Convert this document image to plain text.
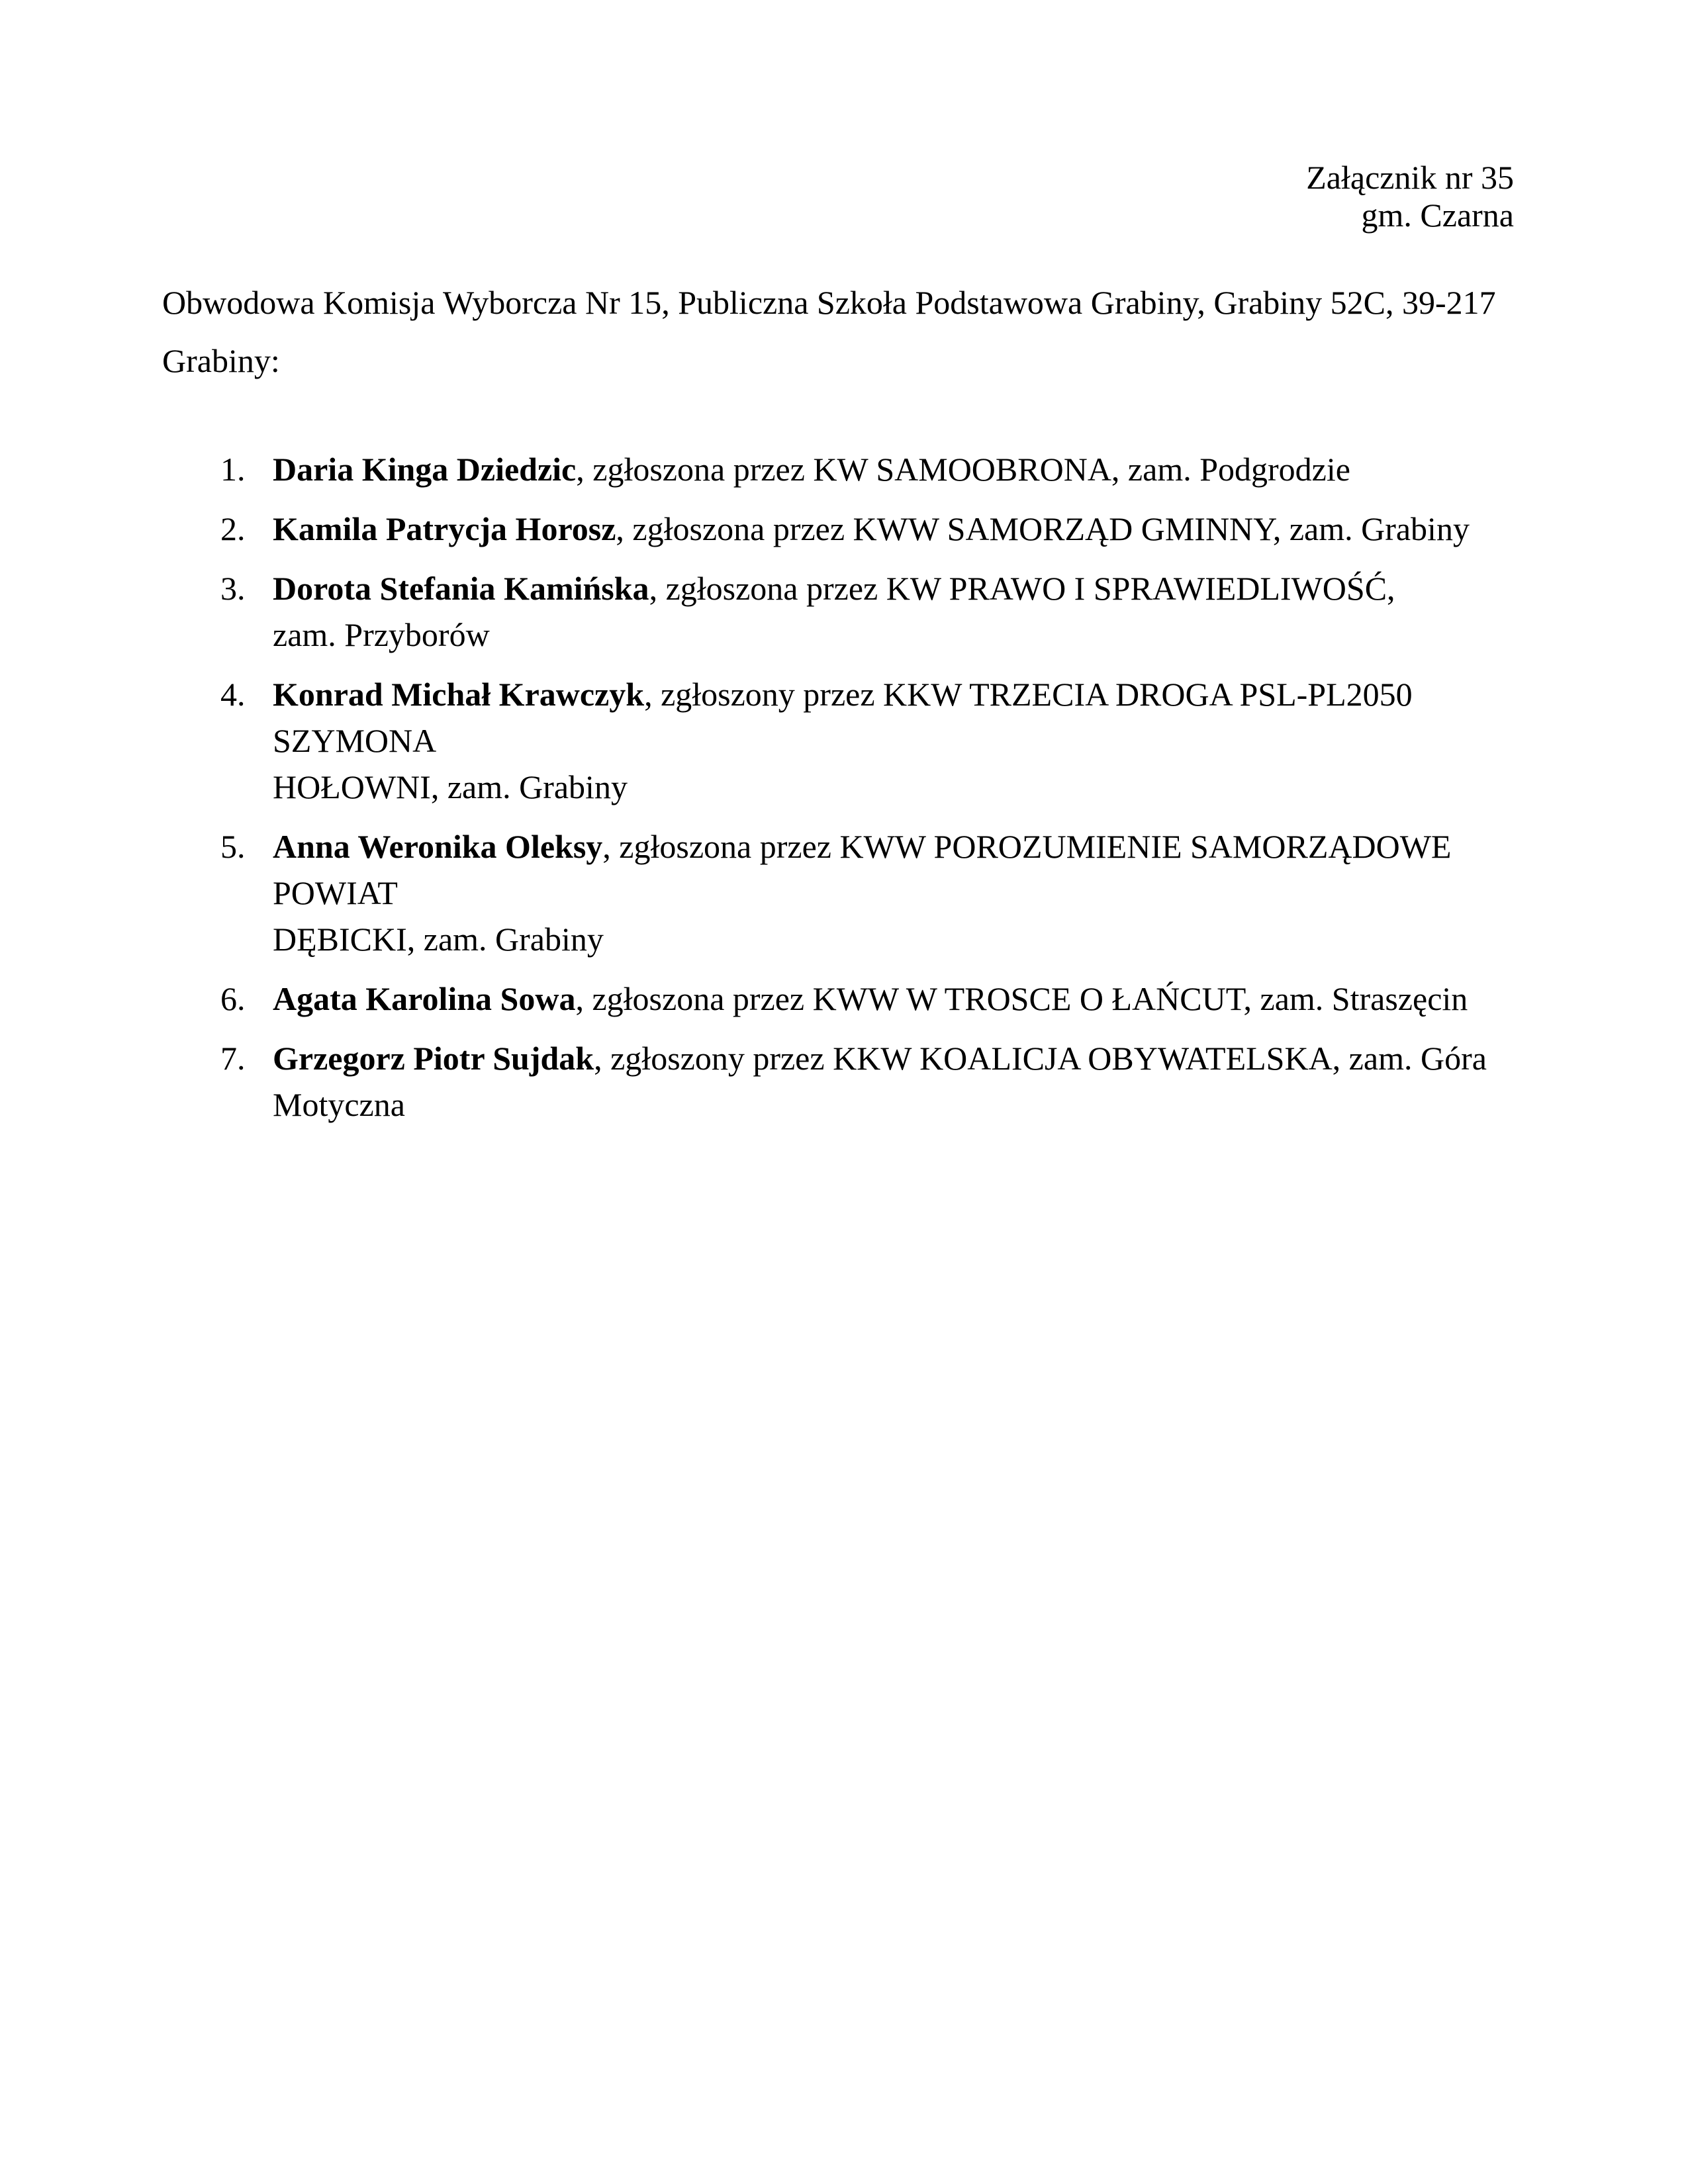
Załącznik nr 35
gm. Czarna
Obwodowa Komisja Wyborcza Nr 15, Publiczna Szkoła Podstawowa Grabiny, Grabiny 52C, 39-217
Grabiny:
1. Daria Kinga Dziedzic, zgłoszona przez KW SAMOOBRONA, zam. Podgrodzie
2. Kamila Patrycja Horosz, zgłoszona przez KWW SAMORZĄD GMINNY, zam. Grabiny
3. Dorota Stefania Kamińska, zgłoszona przez KW PRAWO I SPRAWIEDLIWOŚĆ,
zam. Przyborów
4. Konrad Michał Krawczyk, zgłoszony przez KKW TRZECIA DROGA PSL-PL2050 SZYMONA
HOŁOWNI, zam. Grabiny
5. Anna Weronika Oleksy, zgłoszona przez KWW POROZUMIENIE SAMORZĄDOWE POWIAT
DĘBICKI, zam. Grabiny
6. Agata Karolina Sowa, zgłoszona przez KWW W TROSCE O ŁAŃCUT, zam. Straszęcin
7. Grzegorz Piotr Sujdak, zgłoszony przez KKW KOALICJA OBYWATELSKA, zam. Góra
Motyczna
